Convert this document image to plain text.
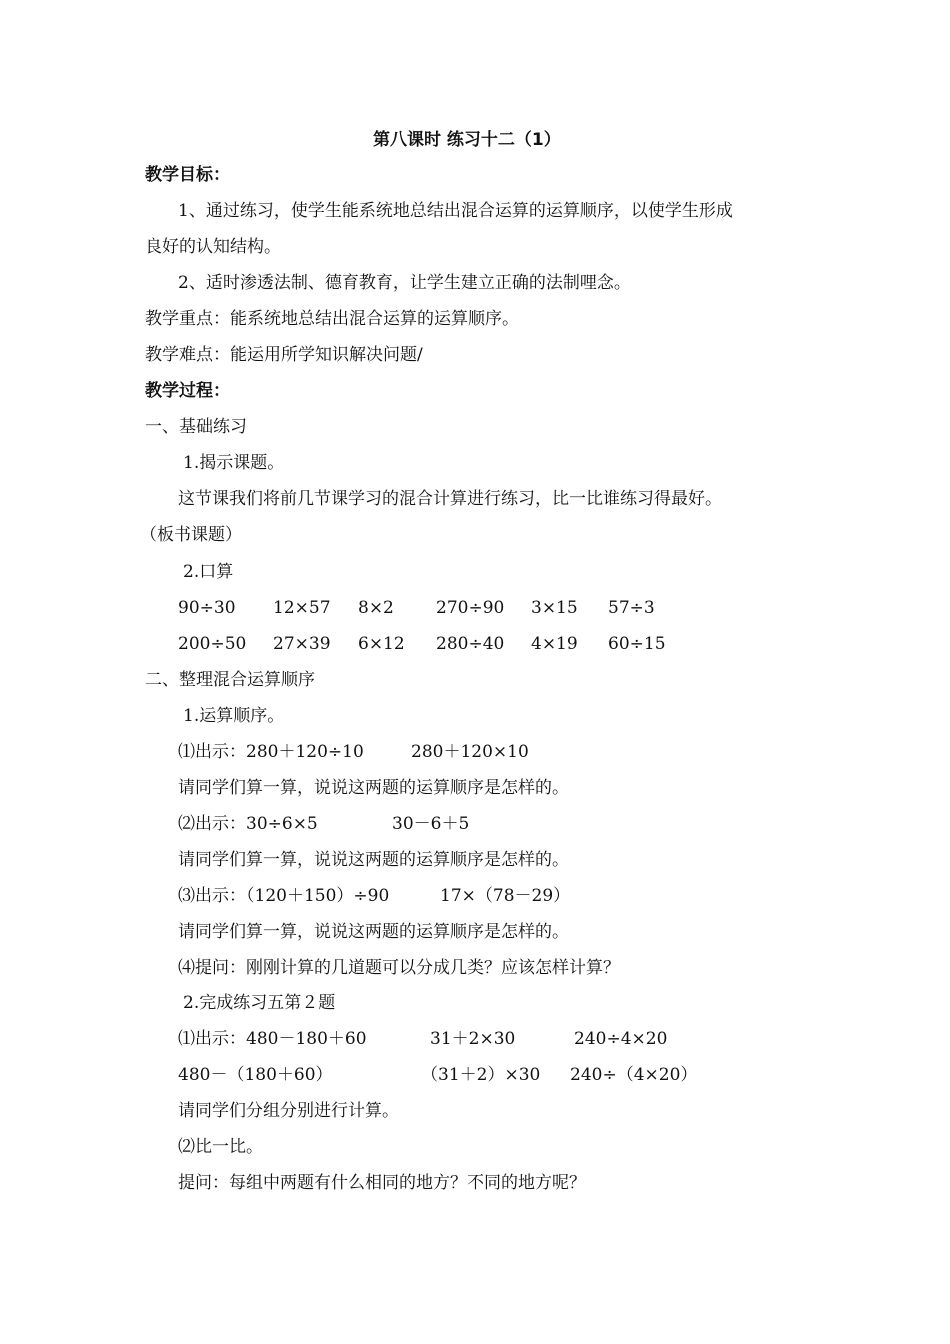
第八课时 练习十二（1）
教学目标：
1、通过练习，使学生能系统地总结出混合运算的运算顺序，以使学生形成
良好的认知结构。
2、适时渗透法制、德育教育，让学生建立正确的法制哩念。
教学重点：能系统地总结出混合运算的运算顺序。
教学难点：能运用所学知识解决问题/
教学过程：
一、基础练习
1.揭示课题。
这节课我们将前几节课学习的混合计算进行练习，比一比谁练习得最好。
（板书课题）
2.口算
90÷30 12×57 8×2 270÷90 3×15 57÷3
200÷50 27×39 6×12 280÷40 4×19 60÷15
二、整理混合运算顺序
1.运算顺序。
⑴出示：280＋120÷10	280＋120×10
请同学们算一算，说说这两题的运算顺序是怎样的。
⑵出示：30÷6×5	30－6＋5
请同学们算一算，说说这两题的运算顺序是怎样的。
⑶出示：（120＋150）÷90	17×（78－29）
请同学们算一算，说说这两题的运算顺序是怎样的。
⑷提问：刚刚计算的几道题可以分成几类？应该怎样计算？
2.完成练习五第２题
⑴出示：480－180＋60	31＋2×30	240÷4×20
480－（180＋60）	（31＋2）×30 240÷（4×20）
请同学们分组分别进行计算。
⑵比一比。
提问：每组中两题有什么相同的地方？不同的地方呢？
